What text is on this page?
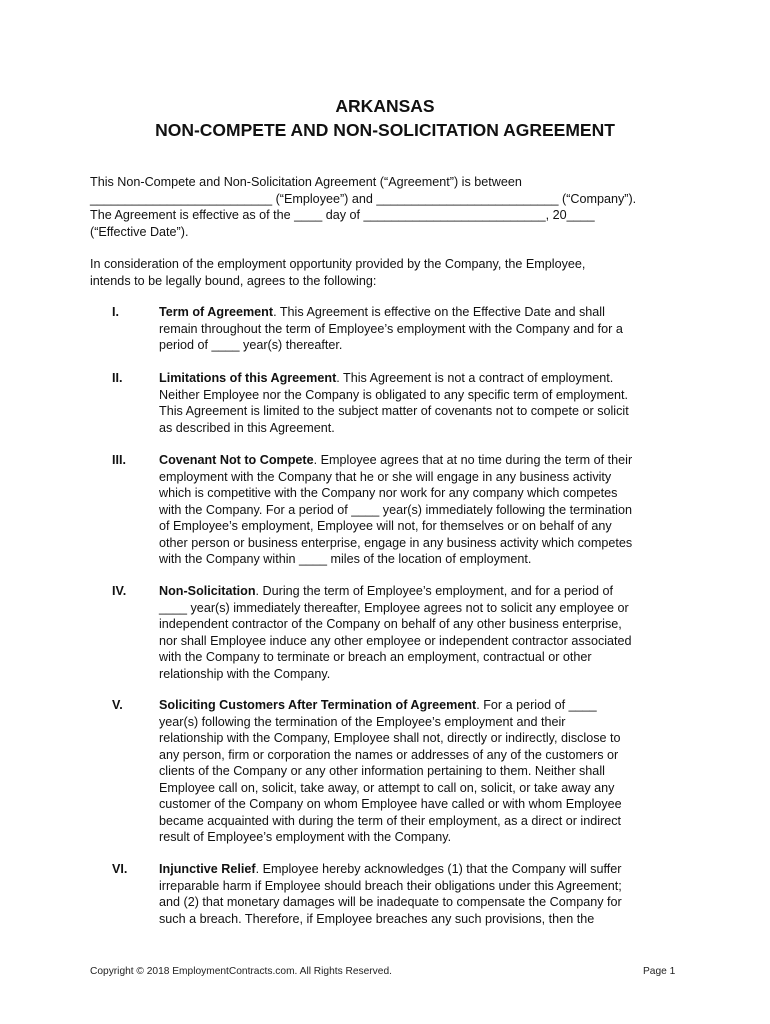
ARKANSAS
NON-COMPETE AND NON-SOLICITATION AGREEMENT

This Non-Compete and Non-Solicitation Agreement (“Agreement”) is between
__________________________ (“Employee”) and __________________________ (“Company”).
The Agreement is effective as of the ____ day of __________________________, 20____
(“Effective Date”).

In consideration of the employment opportunity provided by the Company, the Employee,
intends to be legally bound, agrees to the following:

I.	Term of Agreement. This Agreement is effective on the Effective Date and shall
remain throughout the term of Employee’s employment with the Company and for a
period of ____ year(s) thereafter.
II.	Limitations of this Agreement. This Agreement is not a contract of employment.
Neither Employee nor the Company is obligated to any specific term of employment.
This Agreement is limited to the subject matter of covenants not to compete or solicit
as described in this Agreement.
III.	Covenant Not to Compete. Employee agrees that at no time during the term of their
employment with the Company that he or she will engage in any business activity
which is competitive with the Company nor work for any company which competes
with the Company. For a period of ____ year(s) immediately following the termination
of Employee’s employment, Employee will not, for themselves or on behalf of any
other person or business enterprise, engage in any business activity which competes
with the Company within ____ miles of the location of employment.
IV.	Non-Solicitation. During the term of Employee’s employment, and for a period of
____ year(s) immediately thereafter, Employee agrees not to solicit any employee or
independent contractor of the Company on behalf of any other business enterprise,
nor shall Employee induce any other employee or independent contractor associated
with the Company to terminate or breach an employment, contractual or other
relationship with the Company.
V.	Soliciting Customers After Termination of Agreement. For a period of ____
year(s) following the termination of the Employee’s employment and their
relationship with the Company, Employee shall not, directly or indirectly, disclose to
any person, firm or corporation the names or addresses of any of the customers or
clients of the Company or any other information pertaining to them. Neither shall
Employee call on, solicit, take away, or attempt to call on, solicit, or take away any
customer of the Company on whom Employee have called or with whom Employee
became acquainted with during the term of their employment, as a direct or indirect
result of Employee’s employment with the Company.
VI.	Injunctive Relief. Employee hereby acknowledges (1) that the Company will suffer
irreparable harm if Employee should breach their obligations under this Agreement;
and (2) that monetary damages will be inadequate to compensate the Company for
such a breach. Therefore, if Employee breaches any such provisions, then the
Copyright © 2018 EmploymentContracts.com. All Rights Reserved.	Page 1
